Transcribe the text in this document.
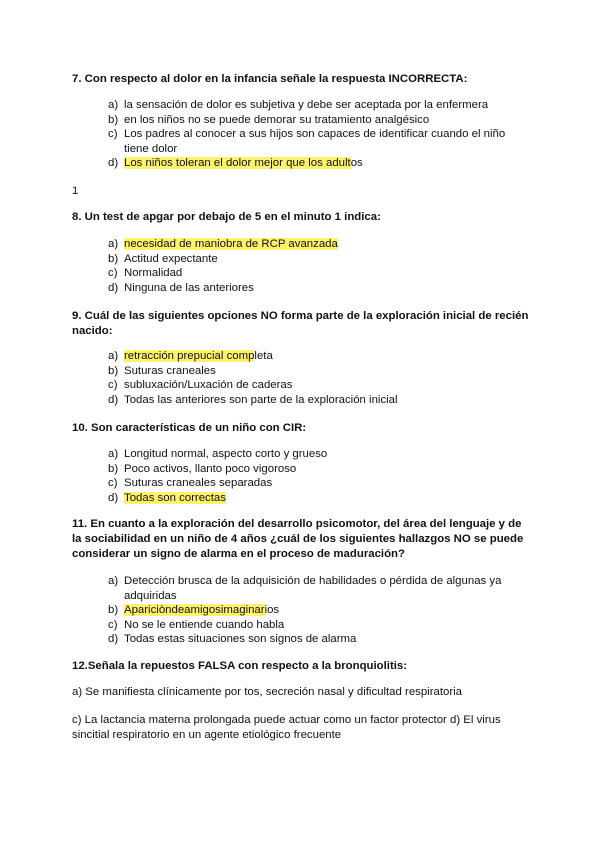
7. Con respecto al dolor en la infancia señale la respuesta INCORRECTA:
a) la sensación de dolor es subjetiva y debe ser aceptada por la enfermera
b) en los niños no se puede demorar su tratamiento analgésico
c) Los padres al conocer a sus hijos son capaces de identificar cuando el niño tiene dolor
d) Los niños toleran el dolor mejor que los adultos
1
8. Un test de apgar por debajo de 5 en el minuto 1 indica:
a) necesidad de maniobra de RCP avanzada
b) Actitud expectante
c) Normalidad
d) Ninguna de las anteriores
9. Cuál de las siguientes opciones NO forma parte de la exploración inicial de recién nacido:
a) retracción prepucial completa
b) Suturas craneales
c) subluxación/Luxación de caderas
d) Todas las anteriores son parte de la exploración inicial
10. Son características de un niño con CIR:
a) Longitud normal, aspecto corto y grueso
b) Poco activos, llanto poco vigoroso
c) Suturas craneales separadas
d) Todas son correctas
11. En cuanto a la exploración del desarrollo psicomotor, del área del lenguaje y de la sociabilidad en un niño de 4 años ¿cuál de los siguientes hallazgos NO se puede considerar un signo de alarma en el proceso de maduración?
a) Detección brusca de la adquisición de habilidades o pérdida de algunas ya adquiridas
b) Apariciòndeamigosimaginarios
c) No se le entiende cuando habla
d) Todas estas situaciones son signos de alarma
12.Señala la repuestos FALSA con respecto a la bronquiolitis:
a) Se manifiesta clínicamente por tos, secreción nasal y dificultad respiratoria
c) La lactancia materna prolongada puede actuar como un factor protector d) El virus sincitial respiratorio en un agente etiológico frecuente
